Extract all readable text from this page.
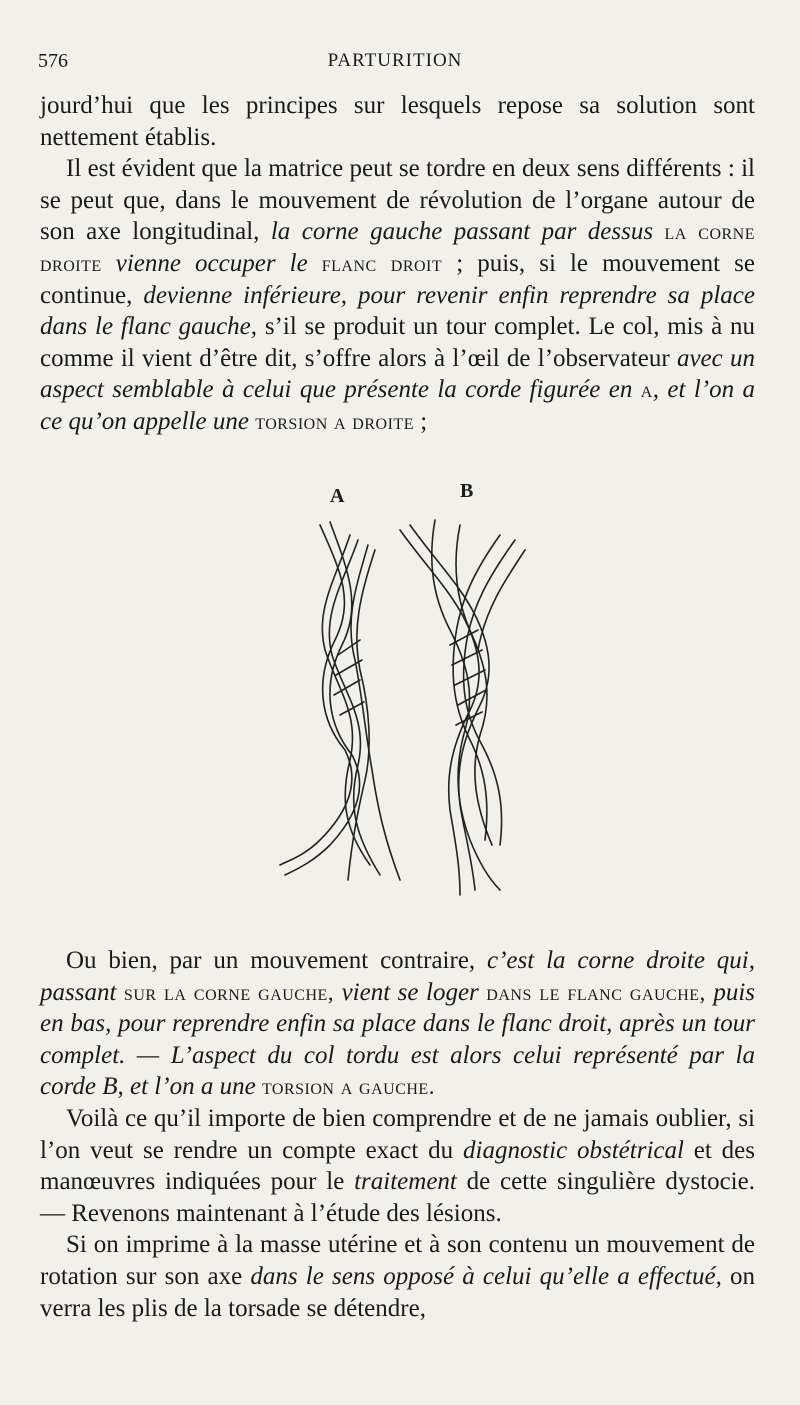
576	PARTURITION

jourd’hui que les principes sur lesquels repose sa solution sont nettement établis.

Il est évident que la matrice peut se tordre en deux sens différents : il se peut que, dans le mouvement de révolution de l’organe autour de son axe longitudinal, la corne gauche passant par dessus la corne droite vienne occuper le flanc droit ; puis, si le mouvement se continue, devienne inférieure, pour revenir enfin reprendre sa place dans le flanc gauche, s’il se produit un tour complet. Le col, mis à nu comme il vient d’être dit, s’offre alors à l’œil de l’observateur avec un aspect semblable à celui que présente la corde figurée en a, et l’on a ce qu’on appelle une torsion a droite ;

A	B

Ou bien, par un mouvement contraire, c’est la corne droite qui, passant sur la corne gauche, vient se loger dans le flanc gauche, puis en bas, pour reprendre enfin sa place dans le flanc droit, après un tour complet. — L’aspect du col tordu est alors celui représenté par la corde B, et l’on a une torsion a gauche.

Voilà ce qu’il importe de bien comprendre et de ne jamais oublier, si l’on veut se rendre un compte exact du diagnostic obstétrical et des manœuvres indiquées pour le traitement de cette singulière dystocie. — Revenons maintenant à l’étude des lésions.

Si on imprime à la masse utérine et à son contenu un mouvement de rotation sur son axe dans le sens opposé à celui qu’elle a effectué, on verra les plis de la torsade se détendre,
